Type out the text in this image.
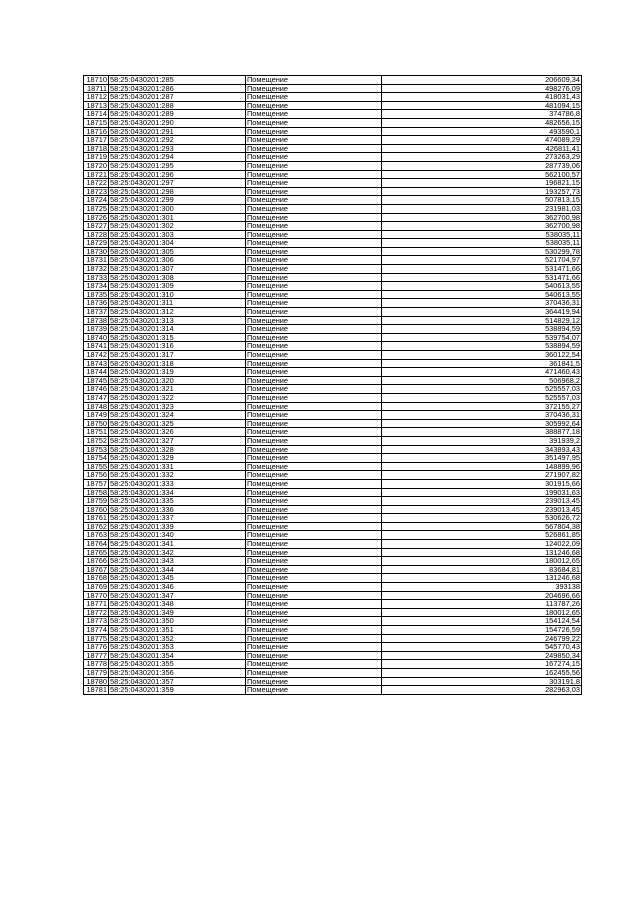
18710	58:25:0430201:285	Помещение	206609,34
18711	58:25:0430201:286	Помещение	498276,09
18712	58:25:0430201:287	Помещение	418031,43
18713	58:25:0430201:288	Помещение	481094,15
18714	58:25:0430201:289	Помещение	374786,8
18715	58:25:0430201:290	Помещение	482656,15
18716	58:25:0430201:291	Помещение	493590,1
18717	58:25:0430201:292	Помещение	474089,29
18718	58:25:0430201:293	Помещение	426811,41
18719	58:25:0430201:294	Помещение	273263,29
18720	58:25:0430201:295	Помещение	287739,06
18721	58:25:0430201:296	Помещение	562100,57
18722	58:25:0430201:297	Помещение	196821,15
18723	58:25:0430201:298	Помещение	193257,73
18724	58:25:0430201:299	Помещение	507813,15
18725	58:25:0430201:300	Помещение	231981,03
18726	58:25:0430201:301	Помещение	362700,98
18727	58:25:0430201:302	Помещение	362700,98
18728	58:25:0430201:303	Помещение	538035,11
18729	58:25:0430201:304	Помещение	538035,11
18730	58:25:0430201:305	Помещение	530299,78
18731	58:25:0430201:306	Помещение	521704,97
18732	58:25:0430201:307	Помещение	531471,66
18733	58:25:0430201:308	Помещение	531471,66
18734	58:25:0430201:309	Помещение	540613,55
18735	58:25:0430201:310	Помещение	540613,55
18736	58:25:0430201:311	Помещение	370436,31
18737	58:25:0430201:312	Помещение	364419,94
18738	58:25:0430201:313	Помещение	514829,12
18739	58:25:0430201:314	Помещение	538894,59
18740	58:25:0430201:315	Помещение	539754,07
18741	58:25:0430201:316	Помещение	538894,59
18742	58:25:0430201:317	Помещение	360122,54
18743	58:25:0430201:318	Помещение	361841,5
18744	58:25:0430201:319	Помещение	471460,43
18745	58:25:0430201:320	Помещение	506968,2
18746	58:25:0430201:321	Помещение	525557,03
18747	58:25:0430201:322	Помещение	525557,03
18748	58:25:0430201:323	Помещение	372155,27
18749	58:25:0430201:324	Помещение	370436,31
18750	58:25:0430201:325	Помещение	305992,64
18751	58:25:0430201:326	Помещение	388877,18
18752	58:25:0430201:327	Помещение	391939,2
18753	58:25:0430201:328	Помещение	343893,43
18754	58:25:0430201:329	Помещение	351497,95
18755	58:25:0430201:331	Помещение	148899,96
18756	58:25:0430201:332	Помещение	271907,82
18757	58:25:0430201:333	Помещение	301915,66
18758	58:25:0430201:334	Помещение	199031,63
18759	58:25:0430201:335	Помещение	239013,45
18760	58:25:0430201:336	Помещение	239013,45
18761	58:25:0430201:337	Помещение	530626,72
18762	58:25:0430201:339	Помещение	567804,38
18763	58:25:0430201:340	Помещение	526861,85
18764	58:25:0430201:341	Помещение	124022,09
18765	58:25:0430201:342	Помещение	131246,68
18766	58:25:0430201:343	Помещение	180012,65
18767	58:25:0430201:344	Помещение	83684,81
18768	58:25:0430201:345	Помещение	131246,68
18769	58:25:0430201:346	Помещение	393138
18770	58:25:0430201:347	Помещение	204696,66
18771	58:25:0430201:348	Помещение	113787,26
18772	58:25:0430201:349	Помещение	180012,65
18773	58:25:0430201:350	Помещение	154124,54
18774	58:25:0430201:351	Помещение	154726,59
18775	58:25:0430201:352	Помещение	246799,22
18776	58:25:0430201:353	Помещение	545770,43
18777	58:25:0430201:354	Помещение	249850,34
18778	58:25:0430201:355	Помещение	167274,15
18779	58:25:0430201:356	Помещение	162455,56
18780	58:25:0430201:357	Помещение	303191,8
18781	58:25:0430201:359	Помещение	282963,03
